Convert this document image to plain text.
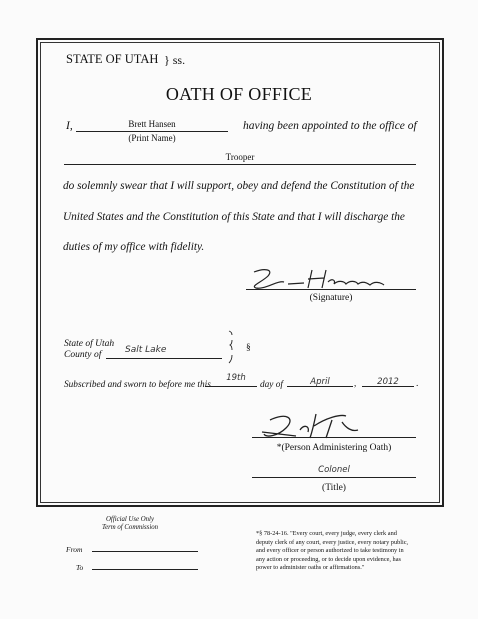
STATE OF UTAH } ss.
OATH OF OFFICE
I,	Brett Hansen
(Print Name)
having been appointed to the office of
Trooper
do solemnly swear that I will support, obey and defend the Constitution of the
United States and the Constitution of this State and that I will discharge the
duties of my office with fidelity.
(Signature)
State of Utah
County of	Salt Lake	§
Subscribed and sworn to before me this
19th
day of	April	,	2012	.
*(Person Administering Oath)
Colonel
(Title)
Official Use Only
Term of Commission
From
To
*§ 78-24-16. "Every court, every judge, every clerk and
deputy clerk of any court, every justice, every notary public,
and every officer or person authorized to take testimony in
any action or proceeding, or to decide upon evidence, has
power to administer oaths or affirmations."
